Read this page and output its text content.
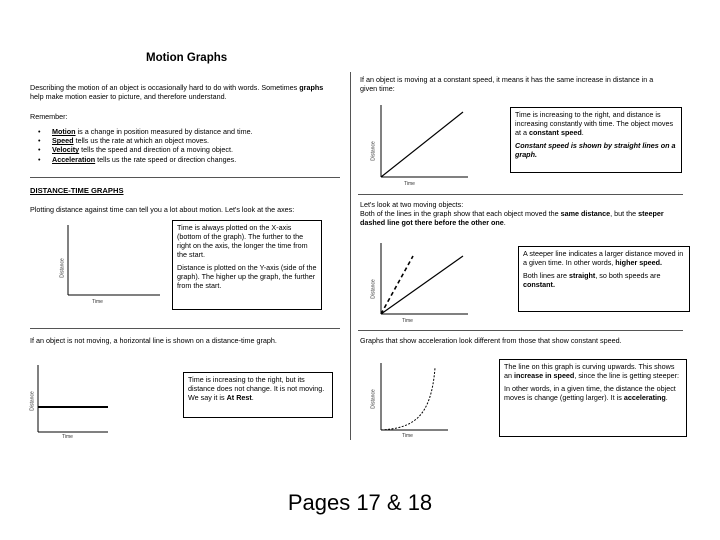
Motion Graphs
Describing the motion of an object is occasionally hard to do with words. Sometimes graphs help make motion easier to picture, and therefore understand.
Remember:
• Motion is a change in position measured by distance and time.
• Speed tells us the rate at which an object moves.
• Velocity tells the speed and direction of a moving object.
• Acceleration tells us the rate speed or direction changes.
DISTANCE-TIME GRAPHS
Plotting distance against time can tell you a lot about motion. Let's look at the axes:
Distance
Time

Time is always plotted on the X-axis (bottom of the graph). The further to the right on the axis, the longer the time from the start.

Distance is plotted on the Y-axis (side of the graph). The higher up the graph, the further from the start.

If an object is not moving, a horizontal line is shown on a distance-time graph.
Distance
Time
Time is increasing to the right, but its distance does not change. It is not moving. We say it is At Rest.
If an object is moving at a constant speed, it means it has the same increase in distance in a given time:
Distance
Time

Time is increasing to the right, and distance is increasing constantly with time. The object moves at a constant speed.

Constant speed is shown by straight lines on a graph.

Let's look at two moving objects:
Both of the lines in the graph show that each object moved the same distance, but the steeper dashed line got there before the other one.
Distance
Time

A steeper line indicates a larger distance moved in a given time. In other words, higher speed.

Both lines are straight, so both speeds are constant.

Graphs that show acceleration look different from those that show constant speed.
Distance
Time

The line on this graph is curving upwards. This shows an increase in speed, since the line is getting steeper:

In other words, in a given time, the distance the object moves is change (getting larger). It is accelerating.

Pages 17 & 18
